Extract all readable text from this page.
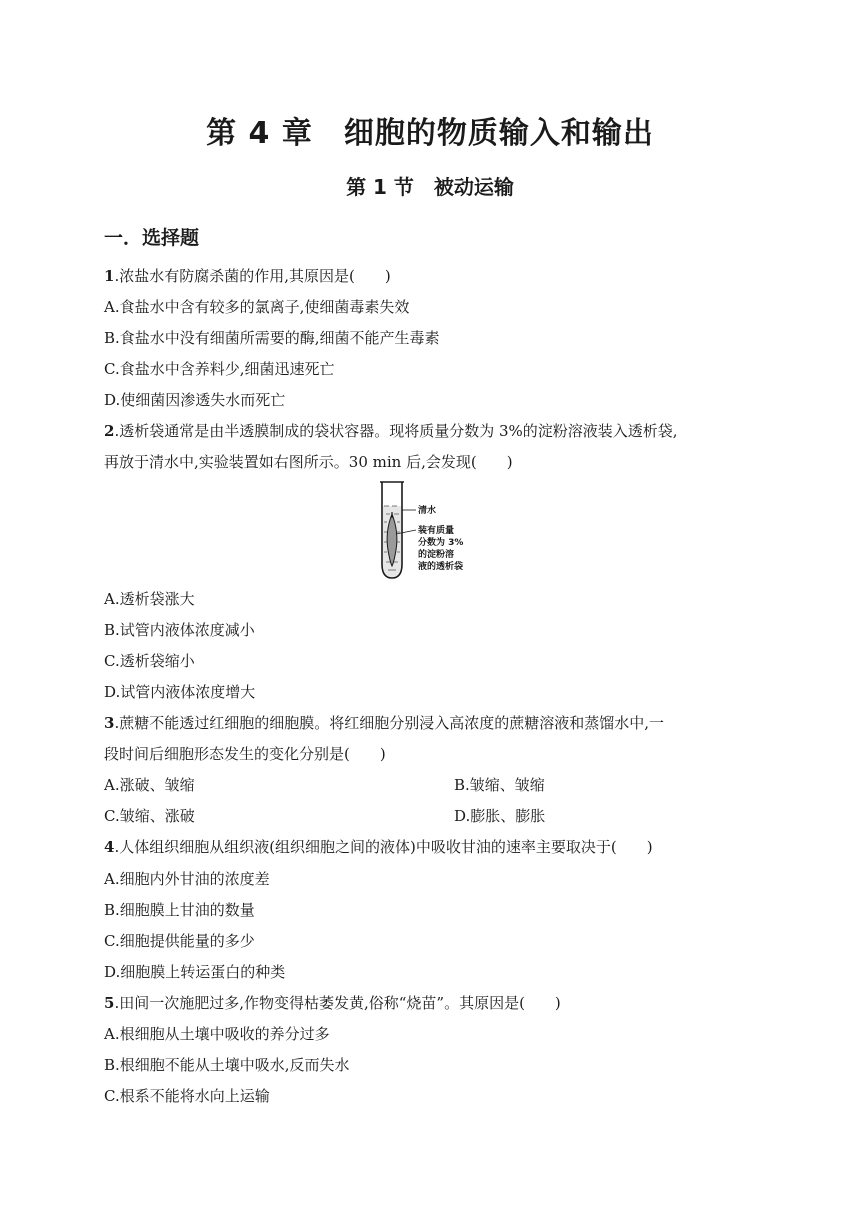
第 4 章　细胞的物质输入和输出
第 1 节　被动运输
一．选择题
1.浓盐水有防腐杀菌的作用,其原因是(　　)
A.食盐水中含有较多的氯离子,使细菌毒素失效
B.食盐水中没有细菌所需要的酶,细菌不能产生毒素
C.食盐水中含养料少,细菌迅速死亡
D.使细菌因渗透失水而死亡
2.透析袋通常是由半透膜制成的袋状容器。现将质量分数为 3%的淀粉溶液装入透析袋,
再放于清水中,实验装置如右图所示。30 min 后,会发现(　　)
清水
装有质量
分数为 3%
的淀粉溶
液的透析袋
A.透析袋涨大
B.试管内液体浓度减小
C.透析袋缩小
D.试管内液体浓度增大
3.蔗糖不能透过红细胞的细胞膜。将红细胞分别浸入高浓度的蔗糖溶液和蒸馏水中,一
段时间后细胞形态发生的变化分别是(　　)
A.涨破、皱缩	B.皱缩、皱缩
C.皱缩、涨破	D.膨胀、膨胀
4.人体组织细胞从组织液(组织细胞之间的液体)中吸收甘油的速率主要取决于(　　)
A.细胞内外甘油的浓度差
B.细胞膜上甘油的数量
C.细胞提供能量的多少
D.细胞膜上转运蛋白的种类
5.田间一次施肥过多,作物变得枯萎发黄,俗称“烧苗”。其原因是(　　)
A.根细胞从土壤中吸收的养分过多
B.根细胞不能从土壤中吸水,反而失水
C.根系不能将水向上运输
